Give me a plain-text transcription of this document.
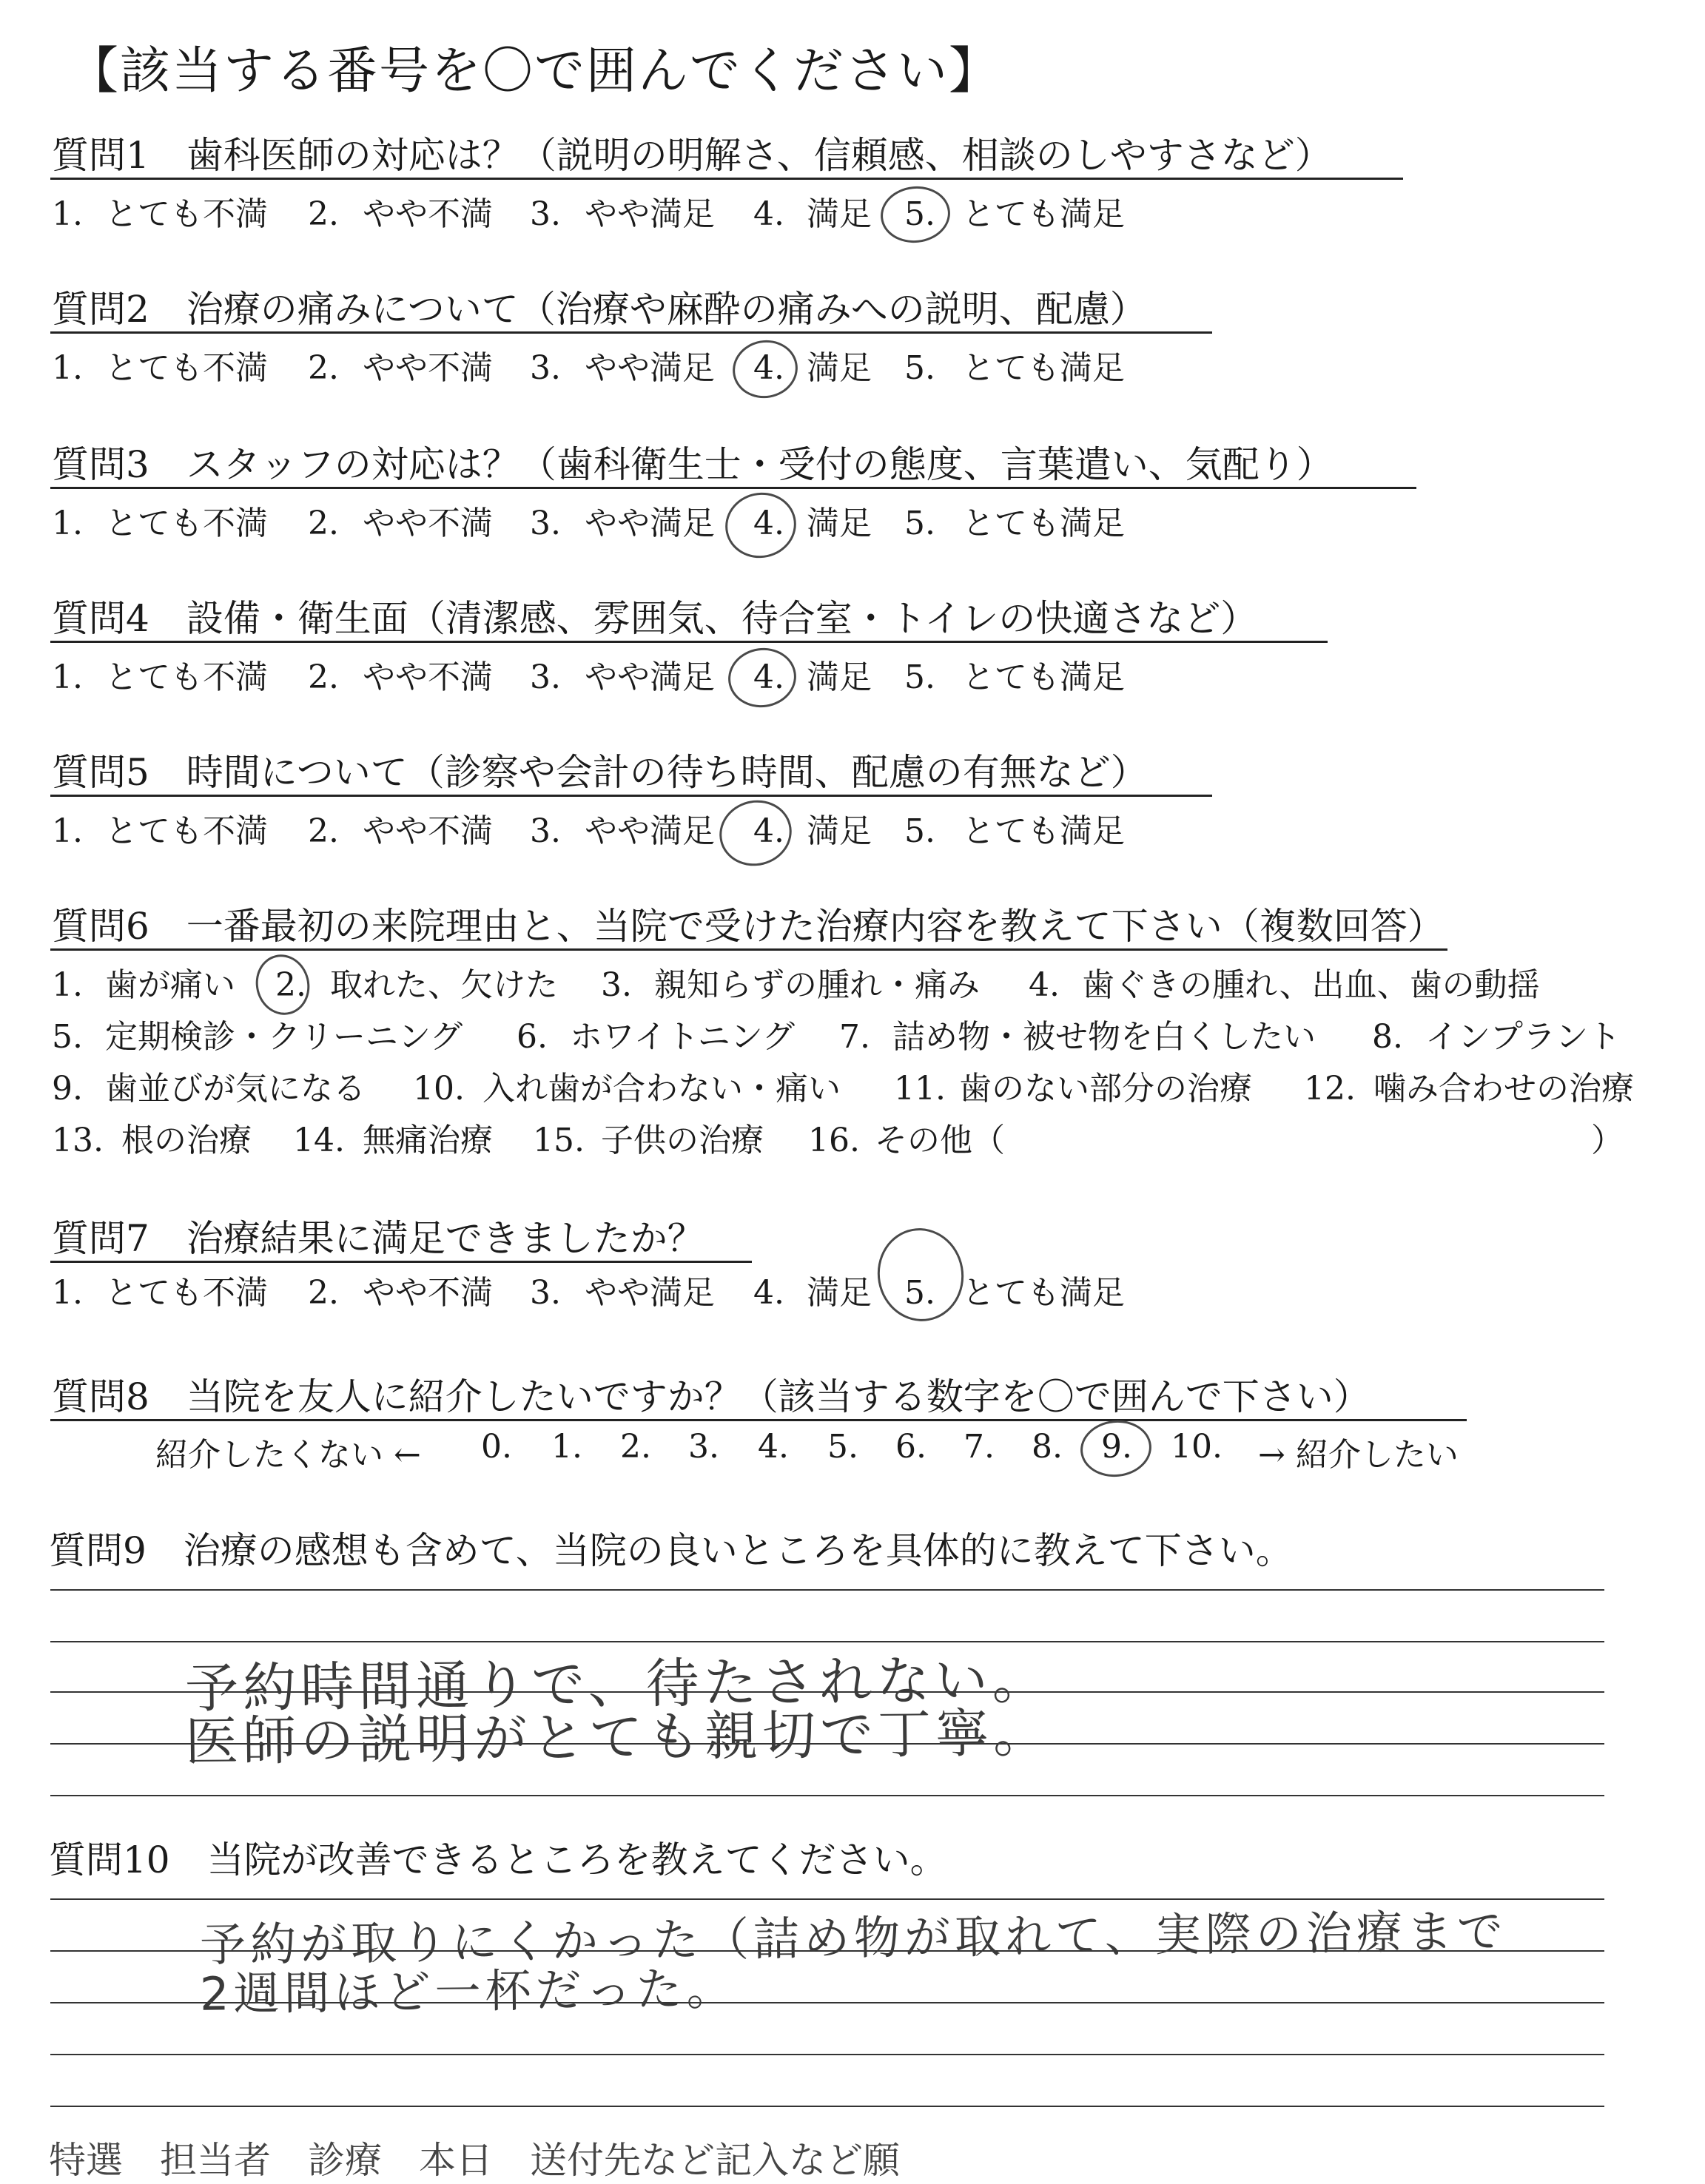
【該当する番号を〇で囲んでください】
質問1　歯科医師の対応は？（説明の明解さ、信頼感、相談のしやすさなど）
1. とても不満 2. やや不満 3. やや満足 4. 満足 5. とても満足
質問2　治療の痛みについて（治療や麻酔の痛みへの説明、配慮）
1. とても不満 2. やや不満 3. やや満足 4. 満足 5. とても満足
質問3　スタッフの対応は？（歯科衛生士・受付の態度、言葉遣い、気配り）
1. とても不満 2. やや不満 3. やや満足 4. 満足 5. とても満足
質問4　設備・衛生面（清潔感、雰囲気、待合室・トイレの快適さなど）
1. とても不満 2. やや不満 3. やや満足 4. 満足 5. とても満足
質問5　時間について（診察や会計の待ち時間、配慮の有無など）
1. とても不満 2. やや不満 3. やや満足 4. 満足 5. とても満足
質問6　一番最初の来院理由と、当院で受けた治療内容を教えて下さい（複数回答）
1. 歯が痛い 2. 取れた、欠けた 3. 親知らずの腫れ・痛み 4. 歯ぐきの腫れ、出血、歯の動揺
5. 定期検診・クリーニング 6. ホワイトニング 7. 詰め物・被せ物を白くしたい 8. インプラント
9. 歯並びが気になる 10. 入れ歯が合わない・痛い 11. 歯のない部分の治療 12. 噛み合わせの治療
13. 根の治療 14. 無痛治療 15. 子供の治療 16. その他（	）
質問7　治療結果に満足できましたか？
1. とても不満 2. やや不満 3. やや満足 4. 満足 5. とても満足
質問8　当院を友人に紹介したいですか？（該当する数字を〇で囲んで下さい）
紹介したくない ← 0. 1. 2. 3. 4. 5. 6. 7. 8. 9. 10. → 紹介したい
質問9　治療の感想も含めて、当院の良いところを具体的に教えて下さい。
予約時間通りで、待たされない。
医師の説明がとても親切で丁寧。
質問10　当院が改善できるところを教えてください。
予約が取りにくかった（詰め物が取れて、実際の治療まで
2週間ほど一杯だった。
特選　担当者　診療　本日　送付先など記入など願
